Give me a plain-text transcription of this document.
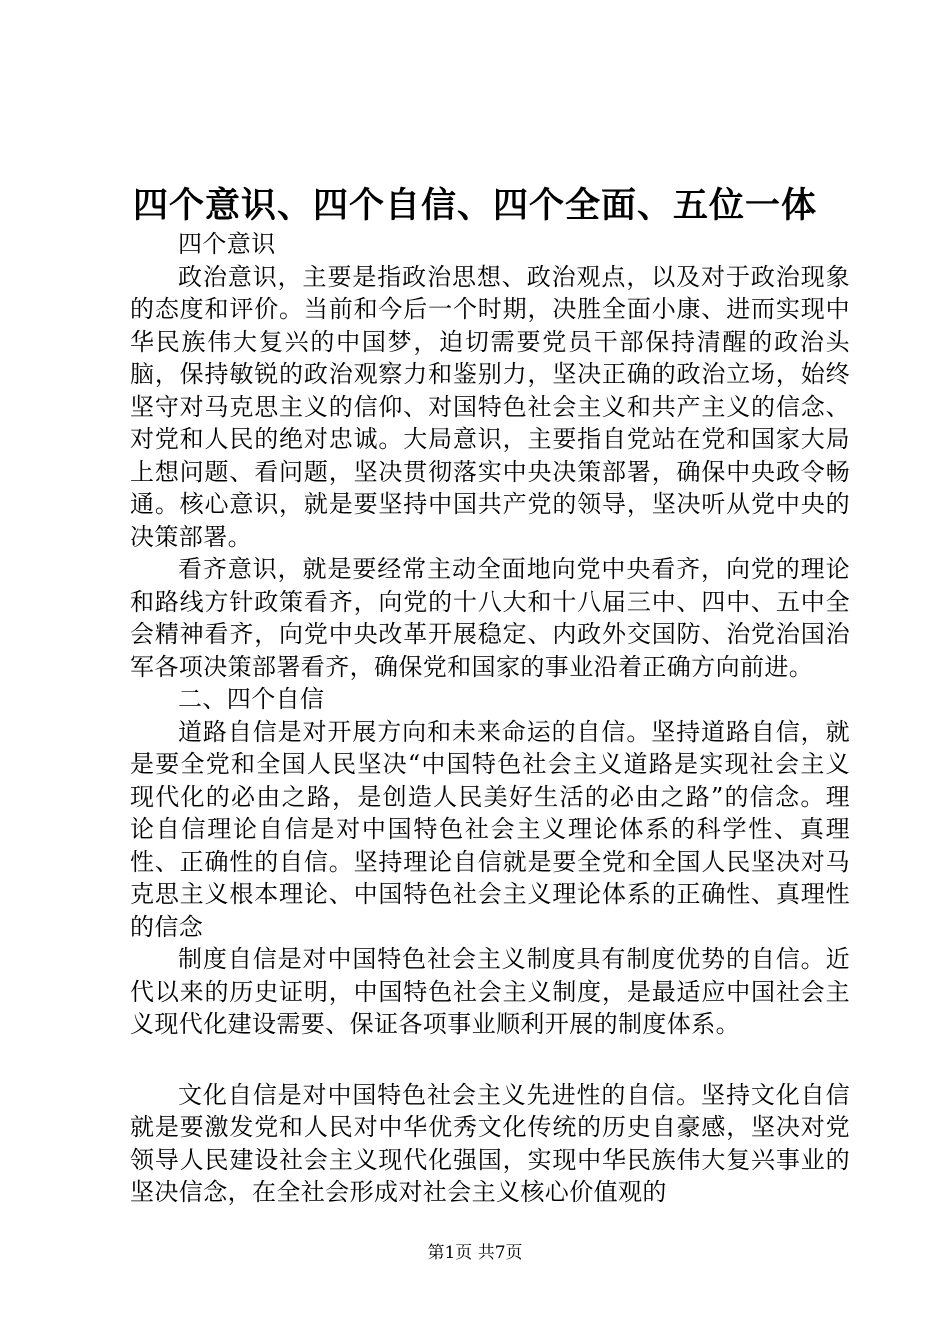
四个意识、四个自信、四个全面、五位一体

四个意识

政治意识，主要是指政治思想、政治观点，以及对于政治现象的态度和评价。当前和今后一个时期，决胜全面小康、进而实现中华民族伟大复兴的中国梦，迫切需要党员干部保持清醒的政治头脑，保持敏锐的政治观察力和鉴别力，坚决正确的政治立场，始终坚守对马克思主义的信仰、对国特色社会主义和共产主义的信念、对党和人民的绝对忠诚。大局意识，主要指自党站在党和国家大局上想问题、看问题，坚决贯彻落实中央决策部署，确保中央政令畅通。核心意识，就是要坚持中国共产党的领导，坚决听从党中央的决策部署。

看齐意识，就是要经常主动全面地向党中央看齐，向党的理论和路线方针政策看齐，向党的十八大和十八届三中、四中、五中全会精神看齐，向党中央改革开展稳定、内政外交国防、治党治国治军各项决策部署看齐，确保党和国家的事业沿着正确方向前进。

二、四个自信

道路自信是对开展方向和未来命运的自信。坚持道路自信，就是要全党和全国人民坚决“中国特色社会主义道路是实现社会主义现代化的必由之路，是创造人民美好生活的必由之路”的信念。理论自信理论自信是对中国特色社会主义理论体系的科学性、真理性、正确性的自信。坚持理论自信就是要全党和全国人民坚决对马克思主义根本理论、中国特色社会主义理论体系的正确性、真理性的信念

制度自信是对中国特色社会主义制度具有制度优势的自信。近代以来的历史证明，中国特色社会主义制度，是最适应中国社会主义现代化建设需要、保证各项事业顺利开展的制度体系。

文化自信是对中国特色社会主义先进性的自信。坚持文化自信就是要激发党和人民对中华优秀文化传统的历史自豪感，坚决对党领导人民建设社会主义现代化强国，实现中华民族伟大复兴事业的坚决信念，在全社会形成对社会主义核心价值观的

第1页 共7页
